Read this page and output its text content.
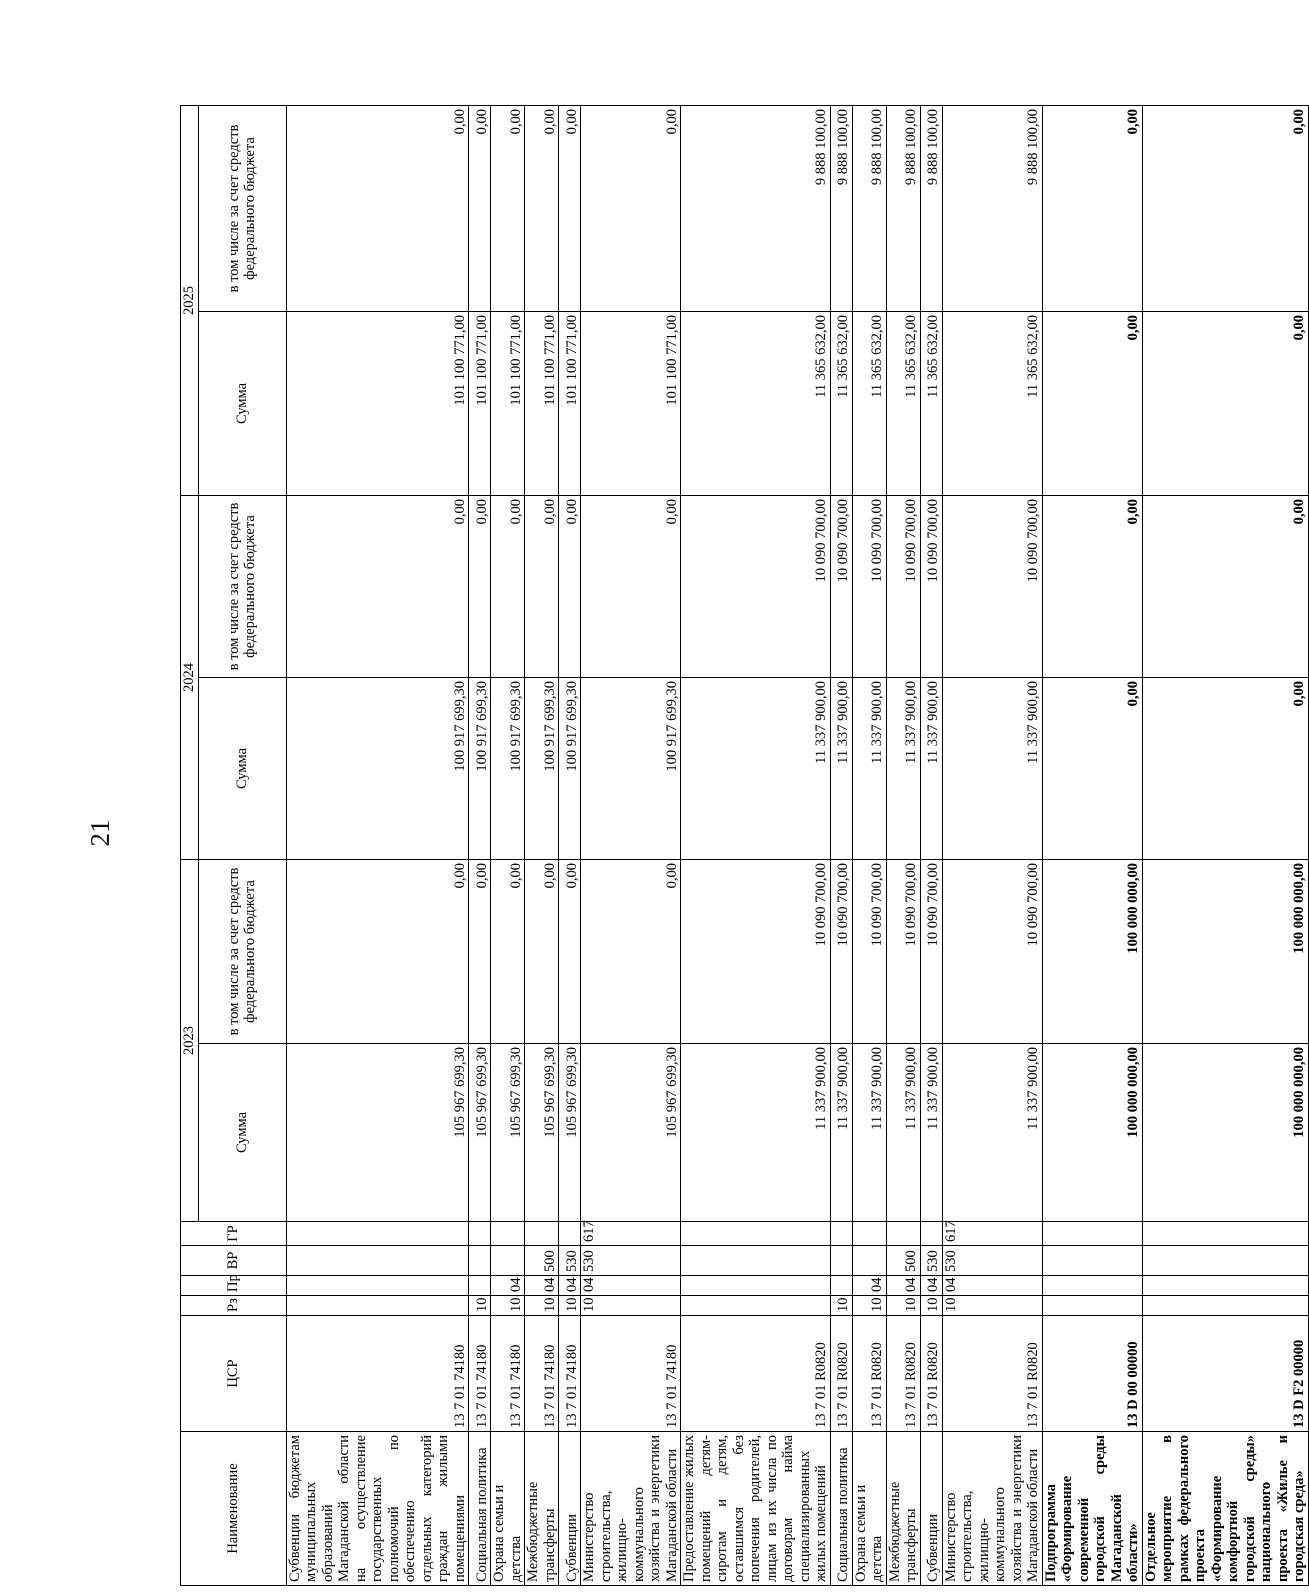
21
Наименование	ЦСР	Рз	Пр	ВР	ГР	2023		2024		2025	
						Сумма	в том числе за счет средств федерального бюджета	Сумма	в том числе за счет средств федерального бюджета	Сумма	в том числе за счет средств федерального бюджета
Субвенции бюджетам муниципальных образований Магаданской области на осуществление государственных полномочий по обеспечению отдельных категорий граждан жилыми помещениями	13 7 01 74180					105 967 699,30	0,00	100 917 699,30	0,00	101 100 771,00	0,00
Социальная политика	13 7 01 74180	10				105 967 699,30	0,00	100 917 699,30	0,00	101 100 771,00	0,00
Охрана семьи и детства	13 7 01 74180	10	04			105 967 699,30	0,00	100 917 699,30	0,00	101 100 771,00	0,00
Межбюджетные трансферты	13 7 01 74180	10	04	500		105 967 699,30	0,00	100 917 699,30	0,00	101 100 771,00	0,00
Субвенции	13 7 01 74180	10	04	530		105 967 699,30	0,00	100 917 699,30	0,00	101 100 771,00	0,00
Министерство строительства, жилищно-коммунального хозяйства и энергетики Магаданской области	13 7 01 74180	10	04	530	617	105 967 699,30	0,00	100 917 699,30	0,00	101 100 771,00	0,00
Предоставление жилых помещений детям-сиротам и детям, оставшимся без попечения родителей, лицам из их числа по договорам найма специализированных жилых помещений	13 7 01 R0820					11 337 900,00	10 090 700,00	11 337 900,00	10 090 700,00	11 365 632,00	9 888 100,00
Социальная политика	13 7 01 R0820	10				11 337 900,00	10 090 700,00	11 337 900,00	10 090 700,00	11 365 632,00	9 888 100,00
Охрана семьи и детства	13 7 01 R0820	10	04			11 337 900,00	10 090 700,00	11 337 900,00	10 090 700,00	11 365 632,00	9 888 100,00
Межбюджетные трансферты	13 7 01 R0820	10	04	500		11 337 900,00	10 090 700,00	11 337 900,00	10 090 700,00	11 365 632,00	9 888 100,00
Субвенции	13 7 01 R0820	10	04	530		11 337 900,00	10 090 700,00	11 337 900,00	10 090 700,00	11 365 632,00	9 888 100,00
Министерство строительства, жилищно-коммунального хозяйства и энергетики Магаданской области	13 7 01 R0820	10	04	530	617	11 337 900,00	10 090 700,00	11 337 900,00	10 090 700,00	11 365 632,00	9 888 100,00
Подпрограмма «Формирование современной городской среды Магаданской области»	13 D 00 00000					100 000 000,00	100 000 000,00	0,00	0,00	0,00	0,00
Отдельное мероприятие в рамках федерального проекта «Формирование комфортной городской среды» национального проекта «Жилье и городская среда»	13 D F2 00000					100 000 000,00	100 000 000,00	0,00	0,00	0,00	0,00
